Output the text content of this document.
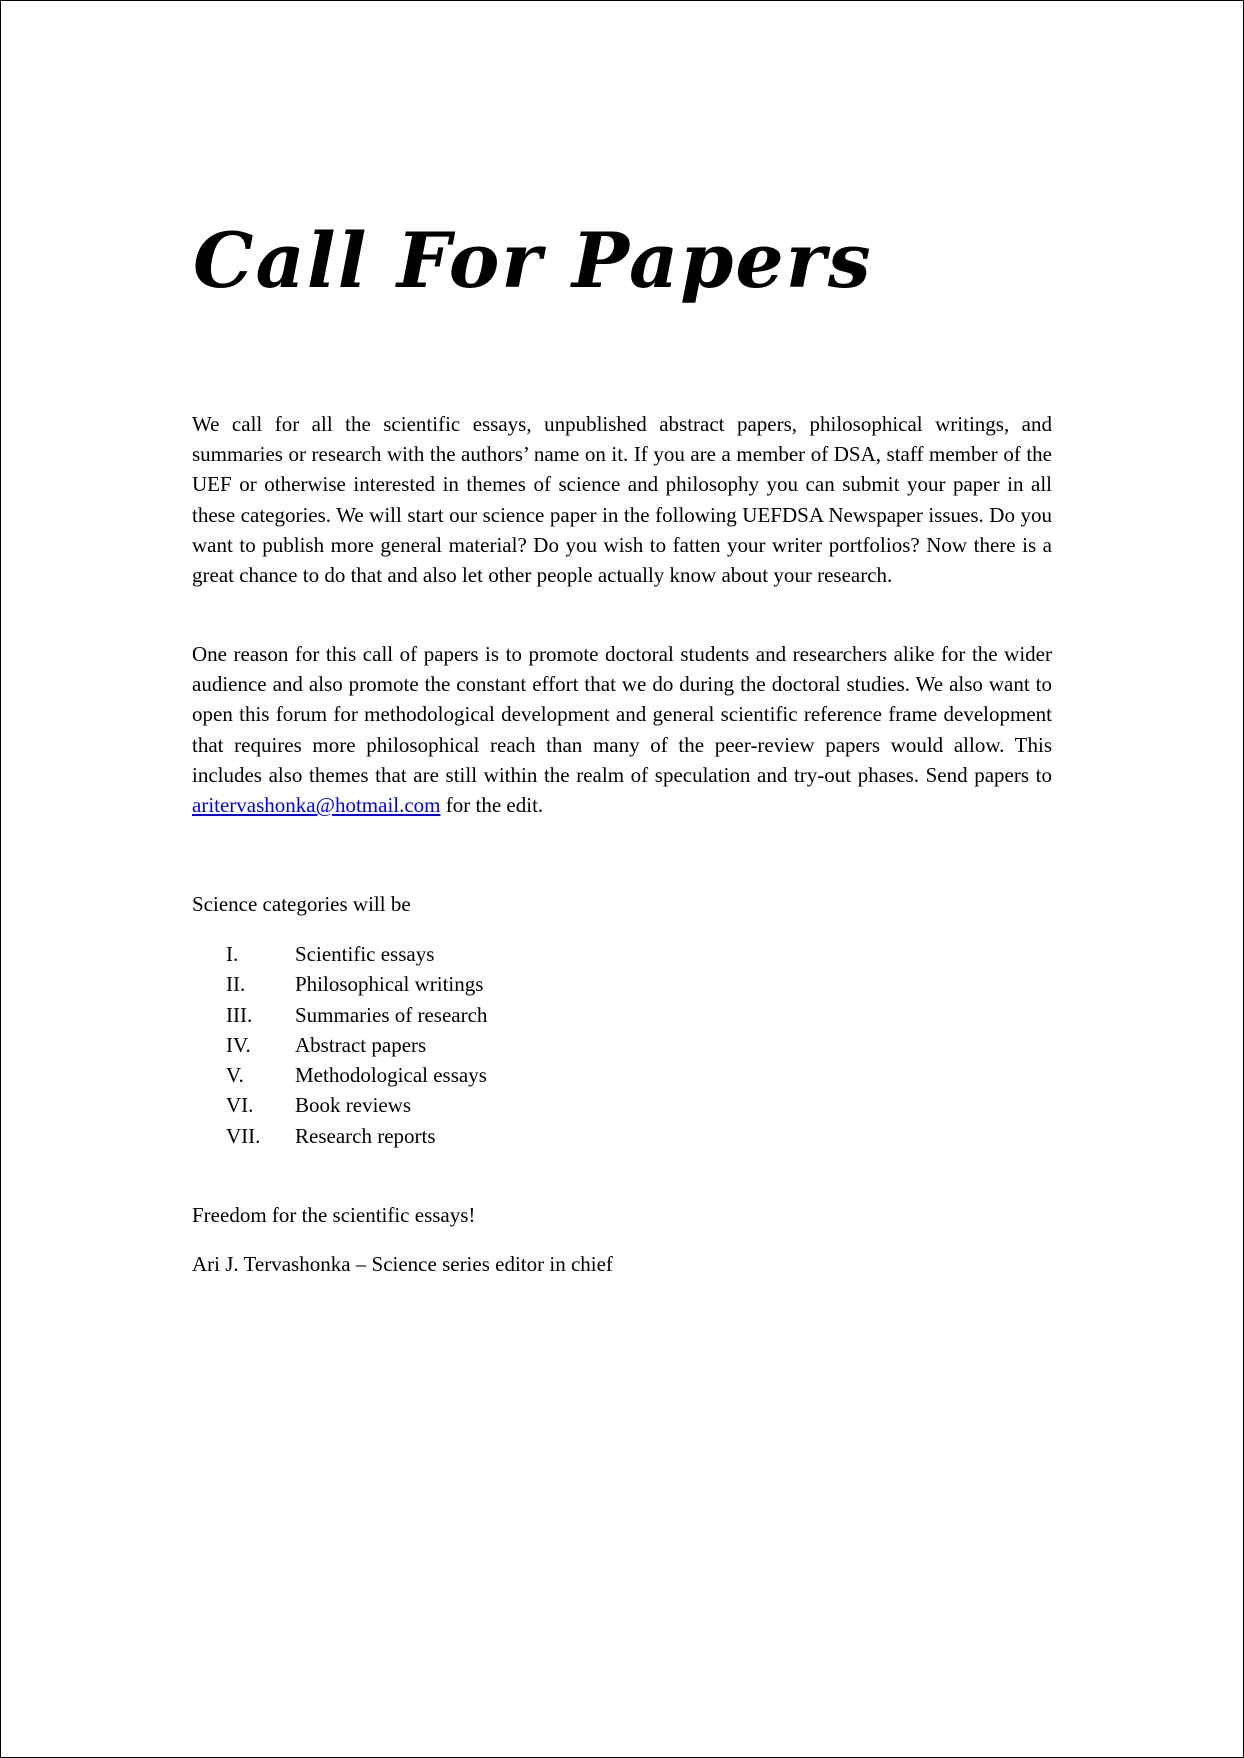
Call For Papers

We call for all the scientific essays, unpublished abstract papers, philosophical writings, and summaries or research with the authors’ name on it. If you are a member of DSA, staff member of the UEF or otherwise interested in themes of science and philosophy you can submit your paper in all these categories. We will start our science paper in the following UEFDSA Newspaper issues. Do you want to publish more general material? Do you wish to fatten your writer portfolios? Now there is a great chance to do that and also let other people actually know about your research.

One reason for this call of papers is to promote doctoral students and researchers alike for the wider audience and also promote the constant effort that we do during the doctoral studies. We also want to open this forum for methodological development and general scientific reference frame development that requires more philosophical reach than many of the peer-review papers would allow. This includes also themes that are still within the realm of speculation and try-out phases. Send papers to aritervashonka@hotmail.com for the edit.

Science categories will be

I.	Scientific essays
II. Philosophical writings
III. Summaries of research
IV. Abstract papers
V. Methodological essays
VI. Book reviews
VII. Research reports

Freedom for the scientific essays!

Ari J. Tervashonka – Science series editor in chief
